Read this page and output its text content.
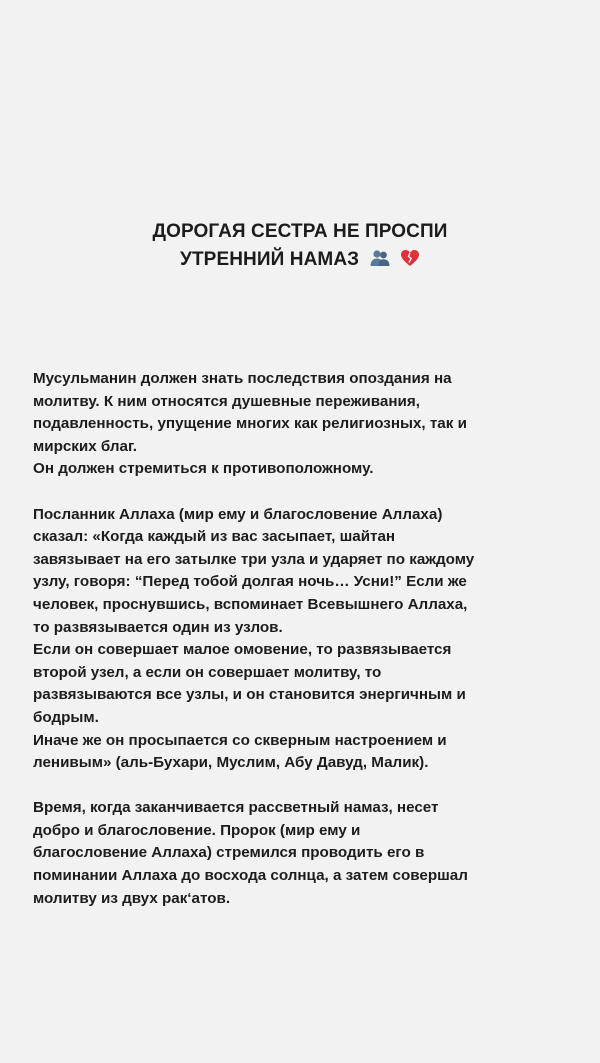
ДОРОГАЯ СЕСТРА НЕ ПРОСПИ
УТРЕННИЙ НАМАЗ
Мусульманин должен знать последствия опоздания на
молитву. К ним относятся душевные переживания,
подавленность, упущение многих как религиозных, так и
мирских благ.
Он должен стремиться к противоположному.
Посланник Аллаха (мир ему и благословение Аллаха)
сказал: «Когда каждый из вас засыпает, шайтан
завязывает на его затылке три узла и ударяет по каждому
узлу, говоря: “Перед тобой долгая ночь… Усни!” Если же
человек, проснувшись, вспоминает Всевышнего Аллаха,
то развязывается один из узлов.
Если он совершает малое омовение, то развязывается
второй узел, а если он совершает молитву, то
развязываются все узлы, и он становится энергичным и
бодрым.
Иначе же он просыпается со скверным настроением и
ленивым» (аль-Бухари, Муслим, Абу Давуд, Малик).
Время, когда заканчивается рассветный намаз, несет
добро и благословение. Пророк (мир ему и
благословение Аллаха) стремился проводить его в
поминании Аллаха до восхода солнца, а затем совершал
молитву из двух рак‘атов.
